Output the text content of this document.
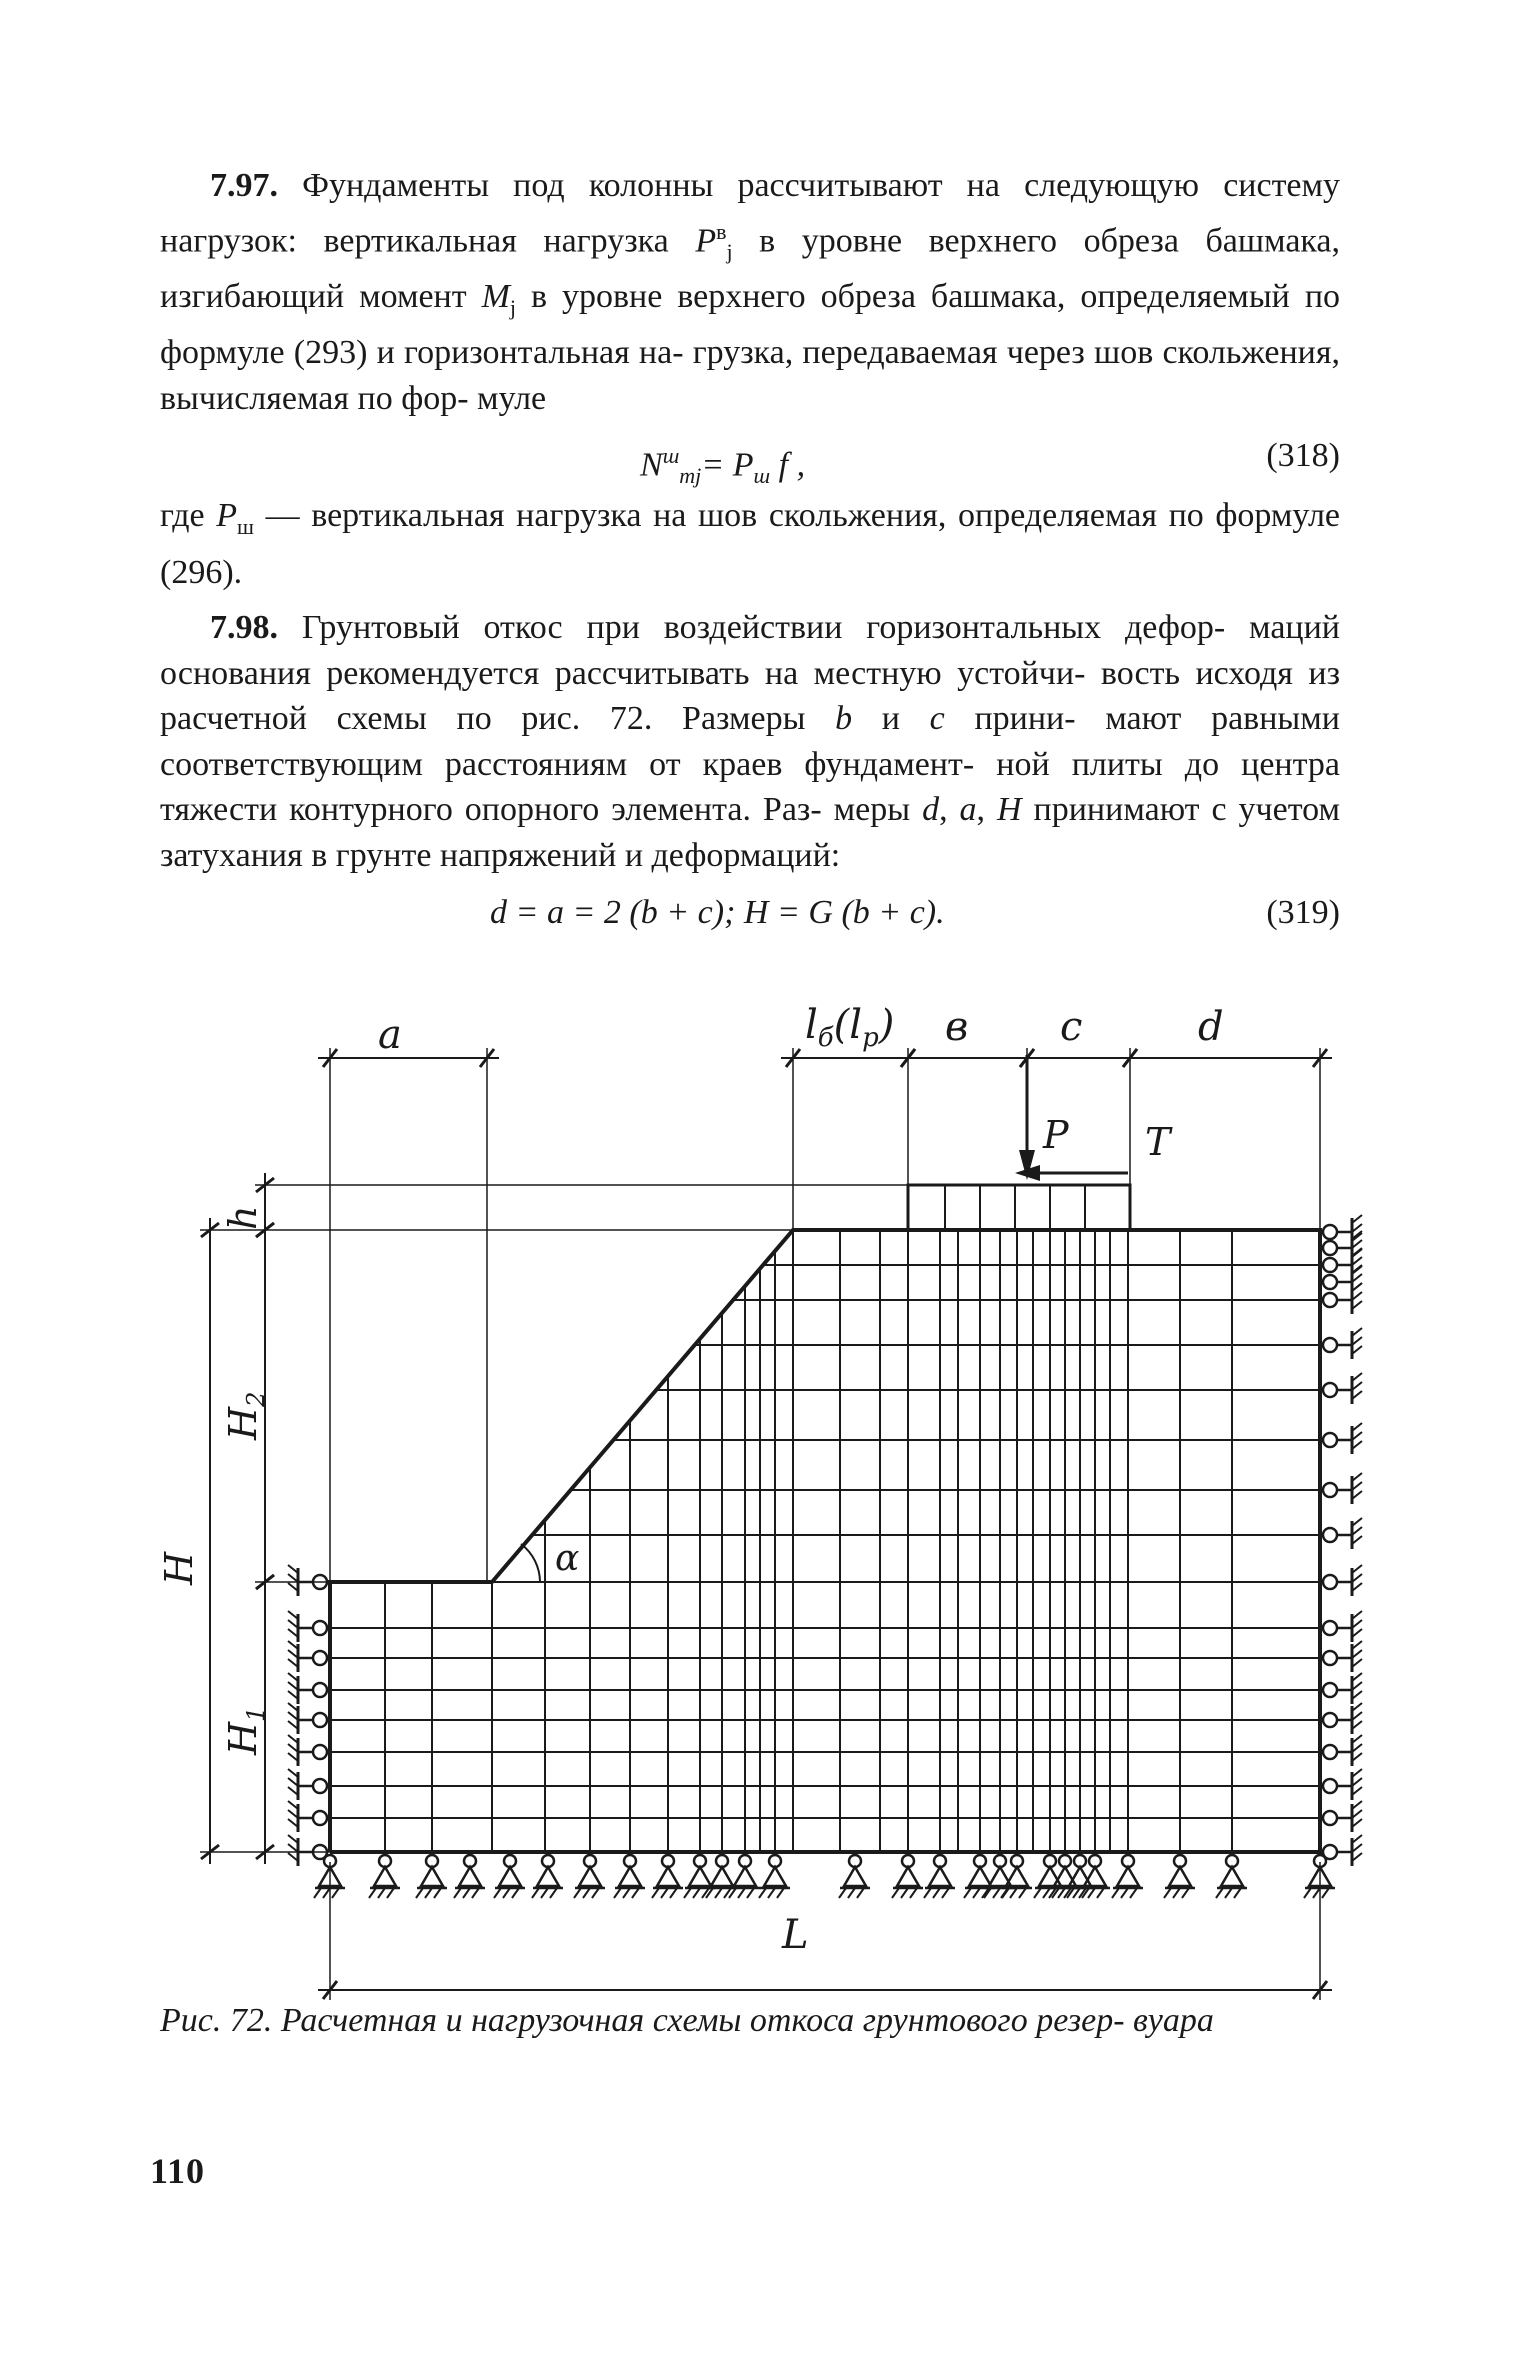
7.97. Фундаменты под колонны рассчитывают на следующую систему нагрузок: вертикальная нагрузка $P^в_j$ в уровне верхнего обреза башмака, изгибающий момент $M_j$ в уровне верхнего обреза башмака, определяемый по формуле (293) и горизонтальная на- грузка, передаваемая через шов скольжения, вычисляемая по фор- муле

$N^ш_{тj}= P_ш$ f ,	(318)

где $P_ш$ — вертикальная нагрузка на шов скольжения, определяемая по формуле (296).

7.98. Грунтовый откос при воздействии горизонтальных дефор- маций основания рекомендуется рассчитывать на местную устойчи- вость исходя из расчетной схемы по рис. 72. Размеры b и c прини- мают равными соответствующим расстояниям от краев фундамент- ной плиты до центра тяжести контурного опорного элемента. Раз- меры d, a, H принимают с учетом затухания в грунте напряжений и деформаций:

d = a = 2 (b + c); H = G (b + c).	(319)
a	$l_б(l_p)$ в c	d
P T
h
$H_2$
H
$H_1$
α
L
Рис. 72. Расчетная и нагрузочная схемы откоса грунтового резер- вуара
110
